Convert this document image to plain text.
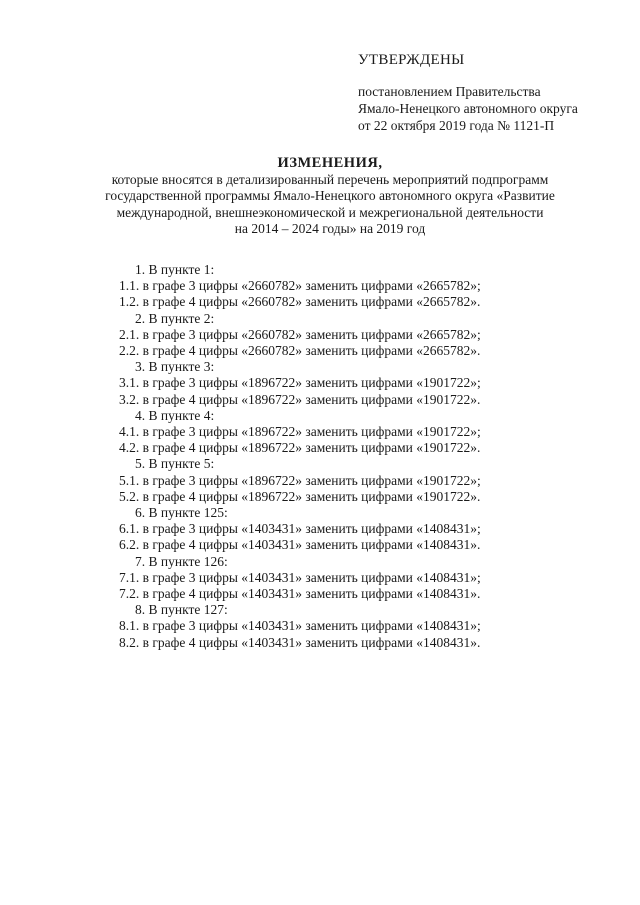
УТВЕРЖДЕНЫ
постановлением Правительства
Ямало-Ненецкого автономного округа
от 22 октября 2019 года № 1121-П
ИЗМЕНЕНИЯ,
которые вносятся в детализированный перечень мероприятий подпрограмм
государственной программы Ямало-Ненецкого автономного округа «Развитие
международной, внешнеэкономической и межрегиональной деятельности
на 2014 – 2024 годы» на 2019 год
1. В пункте 1:
1.1. в графе 3 цифры «2660782» заменить цифрами «2665782»;
1.2. в графе 4 цифры «2660782» заменить цифрами «2665782».
2. В пункте 2:
2.1. в графе 3 цифры «2660782» заменить цифрами «2665782»;
2.2. в графе 4 цифры «2660782» заменить цифрами «2665782».
3. В пункте 3:
3.1. в графе 3 цифры «1896722» заменить цифрами «1901722»;
3.2. в графе 4 цифры «1896722» заменить цифрами «1901722».
4. В пункте 4:
4.1. в графе 3 цифры «1896722» заменить цифрами «1901722»;
4.2. в графе 4 цифры «1896722» заменить цифрами «1901722».
5. В пункте 5:
5.1. в графе 3 цифры «1896722» заменить цифрами «1901722»;
5.2. в графе 4 цифры «1896722» заменить цифрами «1901722».
6. В пункте 125:
6.1. в графе 3 цифры «1403431» заменить цифрами «1408431»;
6.2. в графе 4 цифры «1403431» заменить цифрами «1408431».
7. В пункте 126:
7.1. в графе 3 цифры «1403431» заменить цифрами «1408431»;
7.2. в графе 4 цифры «1403431» заменить цифрами «1408431».
8. В пункте 127:
8.1. в графе 3 цифры «1403431» заменить цифрами «1408431»;
8.2. в графе 4 цифры «1403431» заменить цифрами «1408431».
